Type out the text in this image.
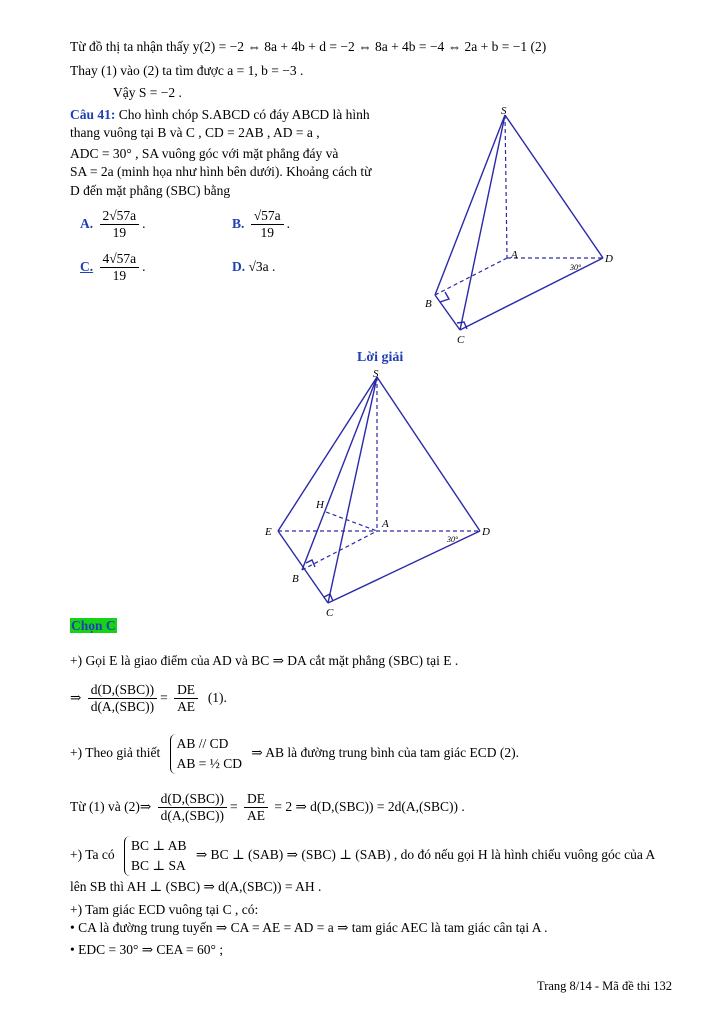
Từ đồ thị ta nhận thấy y(2) = −2 ⇔ 8a + 4b + d = −2 ⇔ 8a + 4b = −4 ⇔ 2a + b = −1 (2)
Thay (1) vào (2) ta tìm được a = 1, b = −3 .
Vậy S = −2 .
Câu 41: Cho hình chóp S.ABCD có đáy ABCD là hình
thang vuông tại B và C , CD = 2AB , AD = a ,
ADC = 30° , SA vuông góc với mặt phẳng đáy và
SA = 2a (minh họa như hình bên dưới). Khoảng cách từ
D đến mặt phẳng (SBC) bằng
A. $\frac{2√57a}{19}$ .	B. $\frac{√57a}{19}$ .
C. $\frac{4√57a}{19}$ .	D. √3a .
S
A
B
C
D
30°
Lời giải
S
A
E
H
B
C
D
30°
Chọn C
+) Gọi E là giao điểm của AD và BC ⇒ DA cắt mặt phẳng (SBC) tại E .
⇒ $\frac{\text{d(D,(SBC))}}{\text{d(A,(SBC))}} = \frac{DE}{AE} (1)$.
+) Theo giả thiết
AB // CD
AB = ½ CD
⇒ AB là đường trung bình của tam giác ECD (2).
Từ (1) và (2)⇒ $\frac{\text{d(D,(SBC))}}{\text{d(A,(SBC))}} = \frac{DE}{AE} = 2$ ⇒ d(D,(SBC)) = 2d(A,(SBC)) .
+) Ta có
BC ⊥ AB
BC ⊥ SA
⇒ BC ⊥ (SAB) ⇒ (SBC) ⊥ (SAB) , do đó nếu gọi H là hình chiếu vuông góc của A
lên SB thì AH ⊥ (SBC) ⇒ d(A,(SBC)) = AH .
+) Tam giác ECD vuông tại C , có:
• CA là đường trung tuyến ⇒ CA = AE = AD = a ⇒ tam giác AEC là tam giác cân tại A .
• EDC = 30° ⇒ CEA = 60° ;
Trang 8/14 - Mã đề thi 132
